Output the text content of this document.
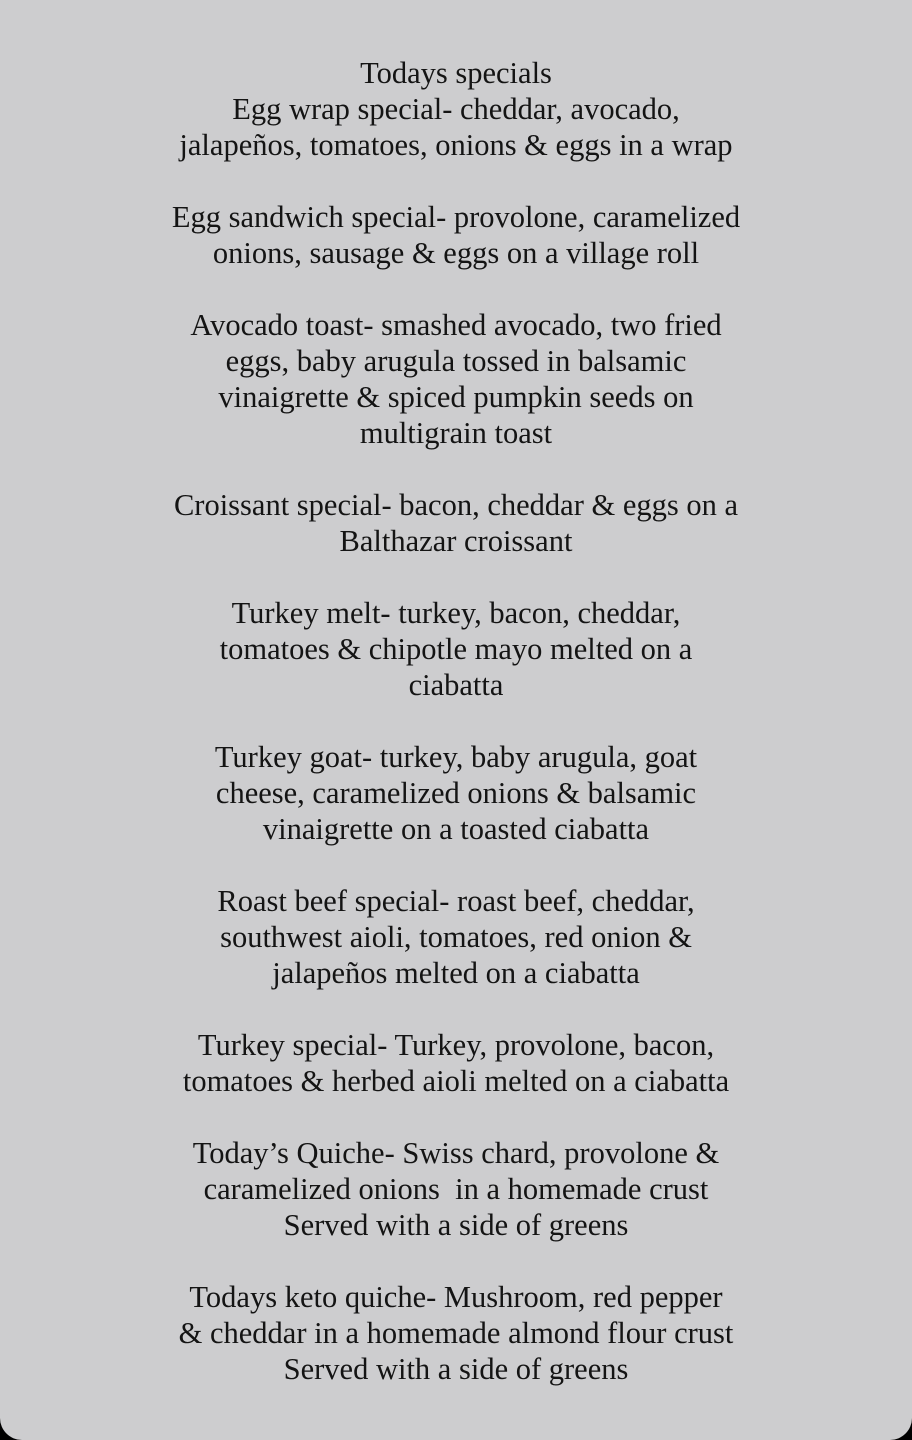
Todays specials
Egg wrap special- cheddar, avocado,
jalapeños, tomatoes, onions & eggs in a wrap
Egg sandwich special- provolone, caramelized
onions, sausage & eggs on a village roll
Avocado toast- smashed avocado, two fried
eggs, baby arugula tossed in balsamic
vinaigrette & spiced pumpkin seeds on
multigrain toast
Croissant special- bacon, cheddar & eggs on a
Balthazar croissant
Turkey melt- turkey, bacon, cheddar,
tomatoes & chipotle mayo melted on a
ciabatta
Turkey goat- turkey, baby arugula, goat
cheese, caramelized onions & balsamic
vinaigrette on a toasted ciabatta
Roast beef special- roast beef, cheddar,
southwest aioli, tomatoes, red onion &
jalapeños melted on a ciabatta
Turkey special- Turkey, provolone, bacon,
tomatoes & herbed aioli melted on a ciabatta
Today’s Quiche- Swiss chard, provolone &
caramelized onions  in a homemade crust
Served with a side of greens
Todays keto quiche- Mushroom, red pepper
& cheddar in a homemade almond flour crust
Served with a side of greens
